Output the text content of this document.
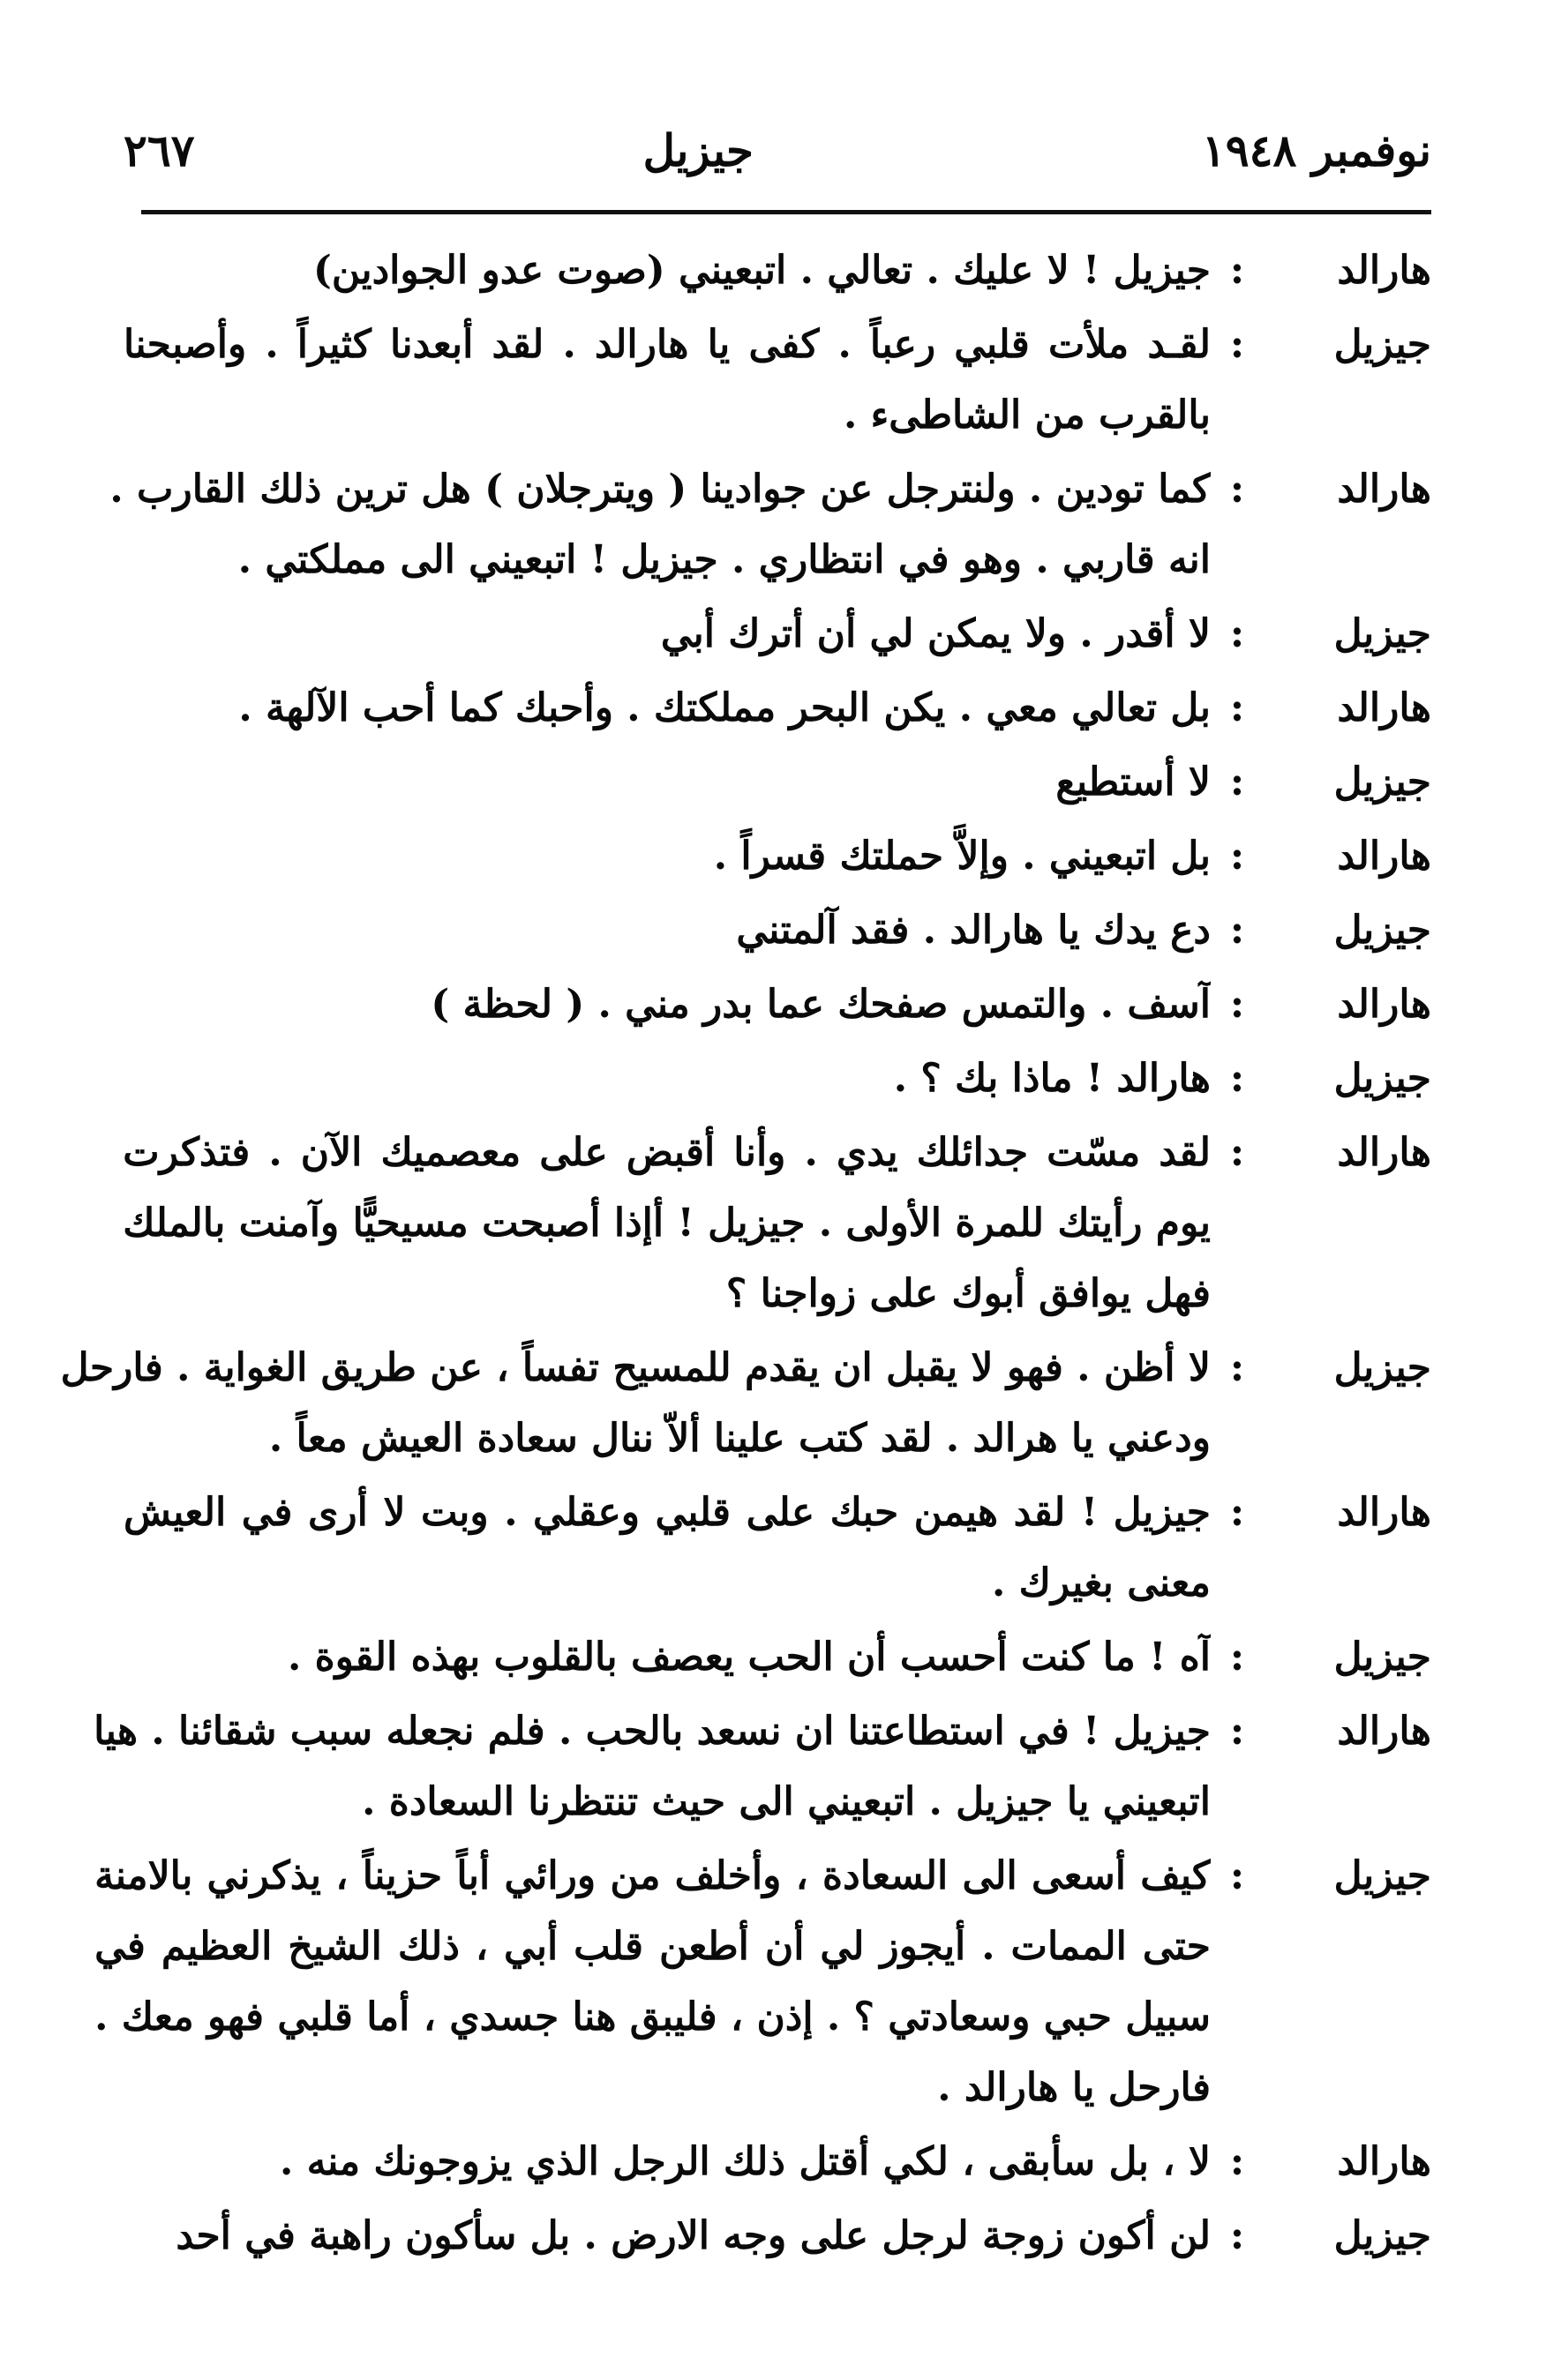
نوفمبر ١٩٤٨
جيزيل
٢٦٧
هارالد
:
جيزيل ! لا عليك . تعالي . اتبعيني (صوت عدو الجوادين)
جيزيل
:
لقـد ملأت قلبي رعباً . كفى يا هارالد . لقد أبعدنا كثيراً . وأصبحنا
بالقرب من الشاطىء .
هارالد
:
كما تودين . ولنترجل عن جوادينا ( ويترجلان ) هل ترين ذلك القارب .
انه قاربي . وهو في انتظاري . جيزيل ! اتبعيني الى مملكتي .
جيزيل
:
لا أقدر . ولا يمكن لي أن أترك أبي
هارالد
:
بل تعالي معي . يكن البحر مملكتك . وأحبك كما أحب الآلهة .
جيزيل
:
لا أستطيع
هارالد
:
بل اتبعيني . وإلاَّ حملتك قسراً .
جيزيل
:
دع يدك يا هارالد . فقد آلمتني
هارالد
:
آسف . والتمس صفحك عما بدر مني . ( لحظة )
جيزيل
:
هارالد ! ماذا بك ؟ .
هارالد
:
لقد مسّت جدائلك يدي . وأنا أقبض على معصميك الآن . فتذكرت
يوم رأيتك للمرة الأولى . جيزيل ! أإذا أصبحت مسيحيًّا وآمنت بالملك
فهل يوافق أبوك على زواجنا ؟
جيزيل
:
لا أظن . فهو لا يقبل ان يقدم للمسيح تفساً ، عن طريق الغواية . فارحل
ودعني يا هرالد . لقد كتب علينا ألاّ ننال سعادة العيش معاً .
هارالد
:
جيزيل ! لقد هيمن حبك على قلبي وعقلي . وبت لا أرى في العيش
معنى بغيرك .
جيزيل
:
آه ! ما كنت أحسب أن الحب يعصف بالقلوب بهذه القوة .
هارالد
:
جيزيل ! في استطاعتنا ان نسعد بالحب . فلم نجعله سبب شقائنا . هيا
اتبعيني يا جيزيل . اتبعيني الى حيث تنتظرنا السعادة .
جيزيل
:
كيف أسعى الى السعادة ، وأخلف من ورائي أباً حزيناً ، يذكرني بالامنة
حتى الممات . أيجوز لي أن أطعن قلب أبي ، ذلك الشيخ العظيم في
سبيل حبي وسعادتي ؟ . إذن ، فليبق هنا جسدي ، أما قلبي فهو معك .
فارحل يا هارالد .
هارالد
:
لا ، بل سأبقى ، لكي أقتل ذلك الرجل الذي يزوجونك منه .
جيزيل
:
لن أكون زوجة لرجل على وجه الارض . بل سأكون راهبة في أحد
